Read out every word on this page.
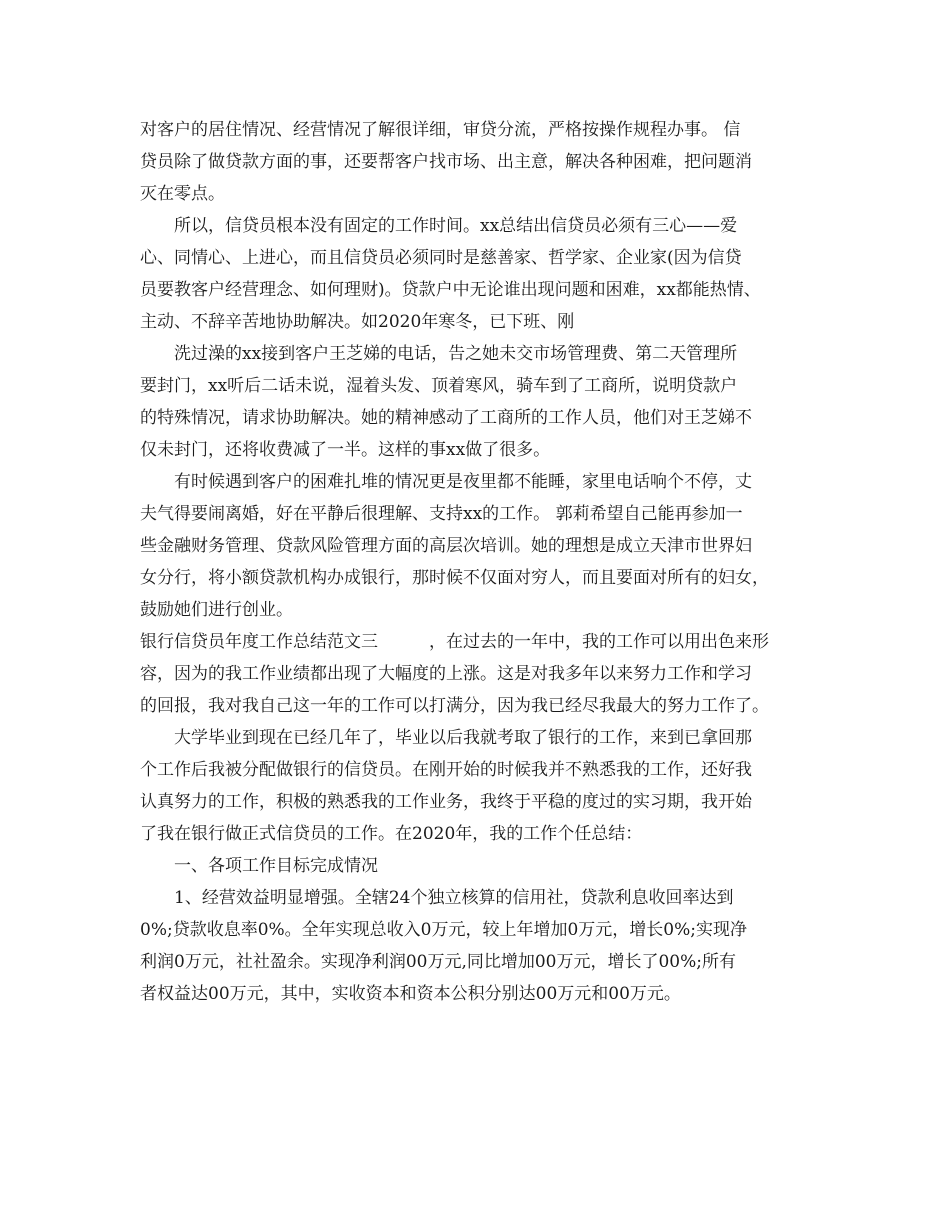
对客户的居住情况、经营情况了解很详细，审贷分流，严格按操作规程办事。 信
贷员除了做贷款方面的事，还要帮客户找市场、出主意，解决各种困难，把问题消
灭在零点。
　　所以，信贷员根本没有固定的工作时间。xx总结出信贷员必须有三心——爱
心、同情心、上进心，而且信贷员必须同时是慈善家、哲学家、企业家(因为信贷
员要教客户经营理念、如何理财)。贷款户中无论谁出现问题和困难，xx都能热情、
主动、不辞辛苦地协助解决。如2020年寒冬，已下班、刚
　　洗过澡的xx接到客户王芝娣的电话，告之她未交市场管理费、第二天管理所
要封门，xx听后二话未说，湿着头发、顶着寒风，骑车到了工商所，说明贷款户
的特殊情况，请求协助解决。她的精神感动了工商所的工作人员，他们对王芝娣不
仅未封门，还将收费减了一半。这样的事xx做了很多。
　　有时候遇到客户的困难扎堆的情况更是夜里都不能睡，家里电话响个不停，丈
夫气得要闹离婚，好在平静后很理解、支持xx的工作。 郭莉希望自己能再参加一
些金融财务管理、贷款风险管理方面的高层次培训。她的理想是成立天津市世界妇
女分行，将小额贷款机构办成银行，那时候不仅面对穷人，而且要面对所有的妇女，
鼓励她们进行创业。
银行信贷员年度工作总结范文三　　　，在过去的一年中，我的工作可以用出色来形
容，因为的我工作业绩都出现了大幅度的上涨。这是对我多年以来努力工作和学习
的回报，我对我自己这一年的工作可以打满分，因为我已经尽我最大的努力工作了。
　　大学毕业到现在已经几年了，毕业以后我就考取了银行的工作，来到已拿回那
个工作后我被分配做银行的信贷员。在刚开始的时候我并不熟悉我的工作，还好我
认真努力的工作，积极的熟悉我的工作业务，我终于平稳的度过的实习期，我开始
了我在银行做正式信贷员的工作。在2020年，我的工作个任总结：
　　一、各项工作目标完成情况
　　1、经营效益明显增强。全辖24个独立核算的信用社，贷款利息收回率达到
0%;贷款收息率0%。全年实现总收入0万元，较上年增加0万元，增长0%;实现净
利润0万元，社社盈余。实现净利润00万元,同比增加00万元，增长了00%;所有
者权益达00万元，其中，实收资本和资本公积分别达00万元和00万元。
